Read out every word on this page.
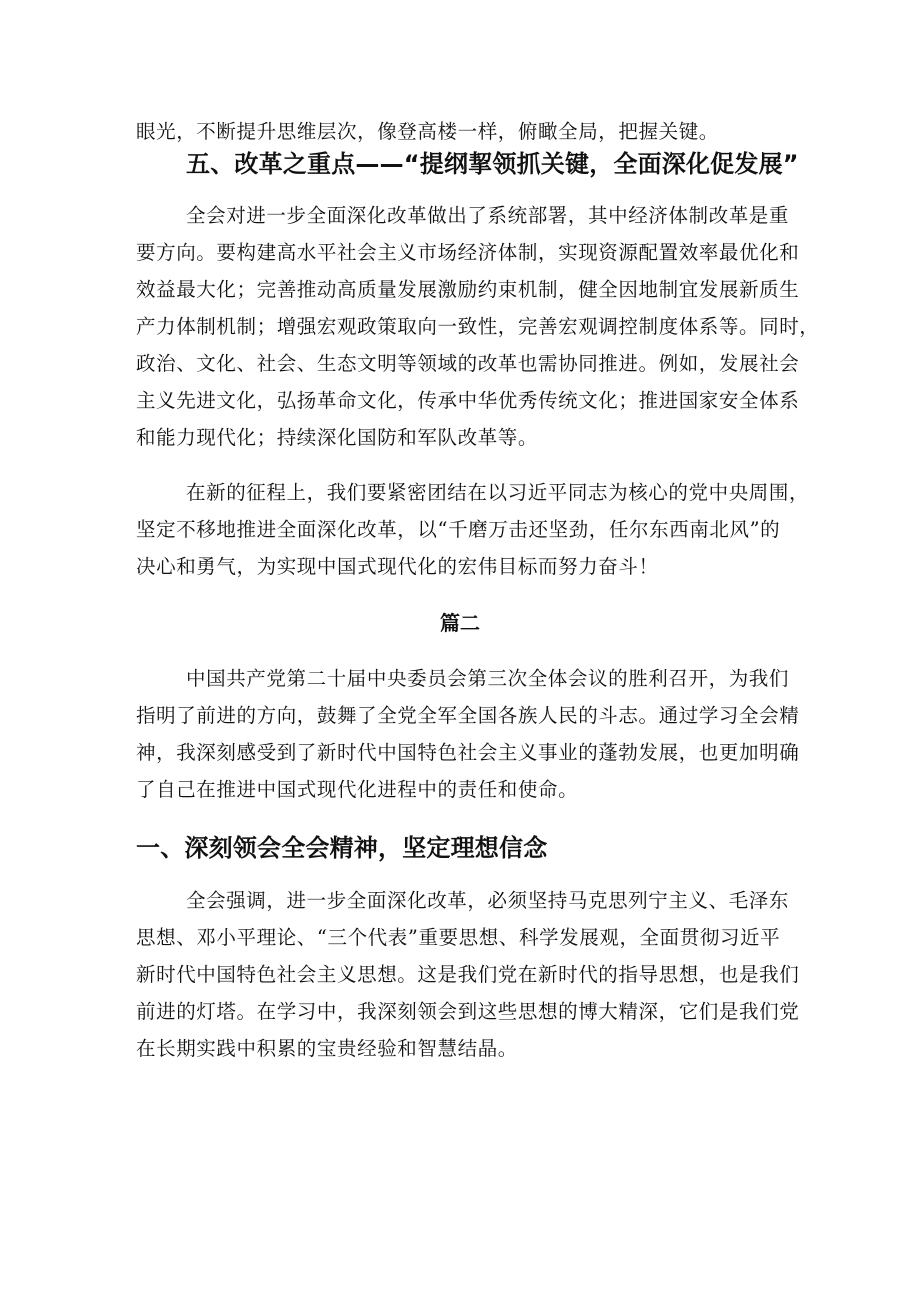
眼光，不断提升思维层次，像登高楼一样，俯瞰全局，把握关键。

五、改革之重点——“提纲挈领抓关键，全面深化促发展”

全会对进一步全面深化改革做出了系统部署，其中经济体制改革是重

要方向。要构建高水平社会主义市场经济体制，实现资源配置效率最优化和

效益最大化；完善推动高质量发展激励约束机制，健全因地制宜发展新质生

产力体制机制；增强宏观政策取向一致性，完善宏观调控制度体系等。同时，

政治、文化、社会、生态文明等领域的改革也需协同推进。例如，发展社会

主义先进文化，弘扬革命文化，传承中华优秀传统文化；推进国家安全体系

和能力现代化；持续深化国防和军队改革等。

在新的征程上，我们要紧密团结在以习近平同志为核心的党中央周围，

坚定不移地推进全面深化改革，以“千磨万击还坚劲，任尔东西南北风”的

决心和勇气，为实现中国式现代化的宏伟目标而努力奋斗！

篇二

中国共产党第二十届中央委员会第三次全体会议的胜利召开，为我们

指明了前进的方向，鼓舞了全党全军全国各族人民的斗志。通过学习全会精

神，我深刻感受到了新时代中国特色社会主义事业的蓬勃发展，也更加明确

了自己在推进中国式现代化进程中的责任和使命。

一、深刻领会全会精神，坚定理想信念

全会强调，进一步全面深化改革，必须坚持马克思列宁主义、毛泽东

思想、邓小平理论、“三个代表”重要思想、科学发展观，全面贯彻习近平

新时代中国特色社会主义思想。这是我们党在新时代的指导思想，也是我们

前进的灯塔。在学习中，我深刻领会到这些思想的博大精深，它们是我们党

在长期实践中积累的宝贵经验和智慧结晶。
